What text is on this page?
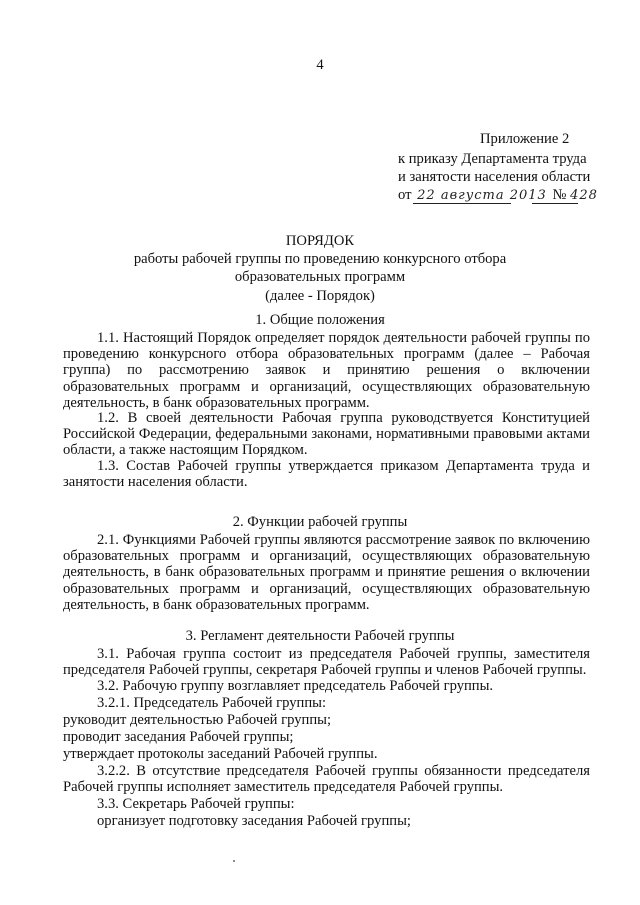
4
Приложение 2
к приказу Департамента труда
и занятости населения области
от 22 августа 2013 № 428
ПОРЯДОК
работы рабочей группы по проведению конкурсного отбора
образовательных программ
(далее - Порядок)
1. Общие положения
1.1. Настоящий Порядок определяет порядок деятельности рабочей группы по проведению конкурсного отбора образовательных программ (далее – Рабочая группа) по рассмотрению заявок и принятию решения о включении образовательных программ и организаций, осуществляющих образовательную деятельность, в банк образовательных программ.
1.2. В своей деятельности Рабочая группа руководствуется Конституцией Российской Федерации, федеральными законами, нормативными правовыми актами области, а также настоящим Порядком.
1.3. Состав Рабочей группы утверждается приказом Департамента труда и занятости населения области.
2. Функции рабочей группы
2.1. Функциями Рабочей группы являются рассмотрение заявок по включению образовательных программ и организаций, осуществляющих образовательную деятельность, в банк образовательных программ и принятие решения о включении образовательных программ и организаций, осуществляющих образовательную деятельность, в банк образовательных программ.
3. Регламент деятельности Рабочей группы
3.1. Рабочая группа состоит из председателя Рабочей группы, заместителя председателя Рабочей группы, секретаря Рабочей группы и членов Рабочей группы.
3.2. Рабочую группу возглавляет председатель Рабочей группы.
3.2.1. Председатель Рабочей группы:
руководит деятельностью Рабочей группы;
проводит заседания Рабочей группы;
утверждает протоколы заседаний Рабочей группы.
3.2.2. В отсутствие председателя Рабочей группы обязанности председателя Рабочей группы исполняет заместитель председателя Рабочей группы.
3.3. Секретарь Рабочей группы:
организует подготовку заседания Рабочей группы;
